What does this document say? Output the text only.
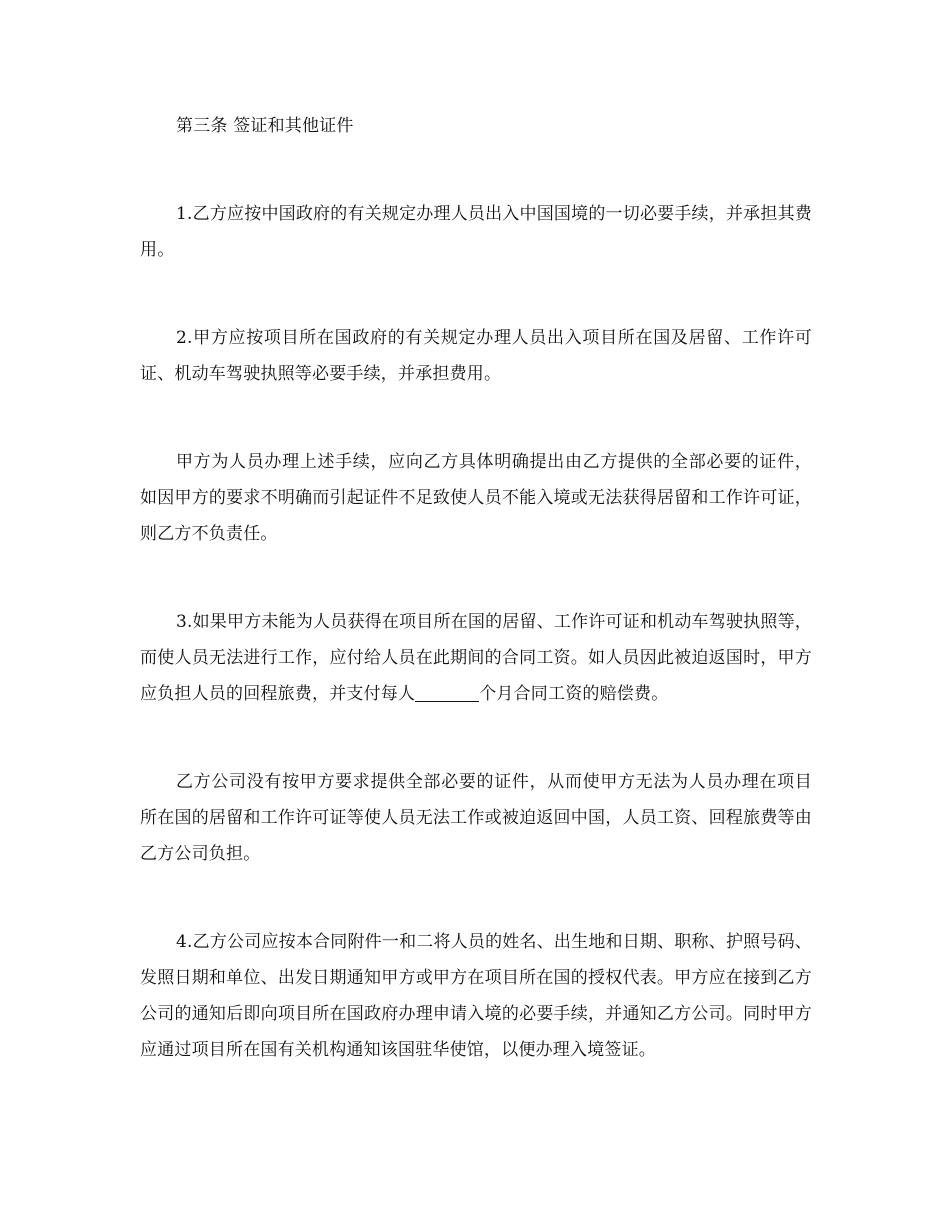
第三条 签证和其他证件

1.乙方应按中国政府的有关规定办理人员出入中国国境的一切必要手续，并承担其费用。

2.甲方应按项目所在国政府的有关规定办理人员出入项目所在国及居留、工作许可证、机动车驾驶执照等必要手续，并承担费用。

甲方为人员办理上述手续，应向乙方具体明确提出由乙方提供的全部必要的证件，如因甲方的要求不明确而引起证件不足致使人员不能入境或无法获得居留和工作许可证，则乙方不负责任。

3.如果甲方未能为人员获得在项目所在国的居留、工作许可证和机动车驾驶执照等，而使人员无法进行工作，应付给人员在此期间的合同工资。如人员因此被迫返国时，甲方应负担人员的回程旅费，并支付每人	个月合同工资的赔偿费。

乙方公司没有按甲方要求提供全部必要的证件，从而使甲方无法为人员办理在项目所在国的居留和工作许可证等使人员无法工作或被迫返回中国，人员工资、回程旅费等由乙方公司负担。

4.乙方公司应按本合同附件一和二将人员的姓名、出生地和日期、职称、护照号码、发照日期和单位、出发日期通知甲方或甲方在项目所在国的授权代表。甲方应在接到乙方公司的通知后即向项目所在国政府办理申请入境的必要手续，并通知乙方公司。同时甲方应通过项目所在国有关机构通知该国驻华使馆，以便办理入境签证。
